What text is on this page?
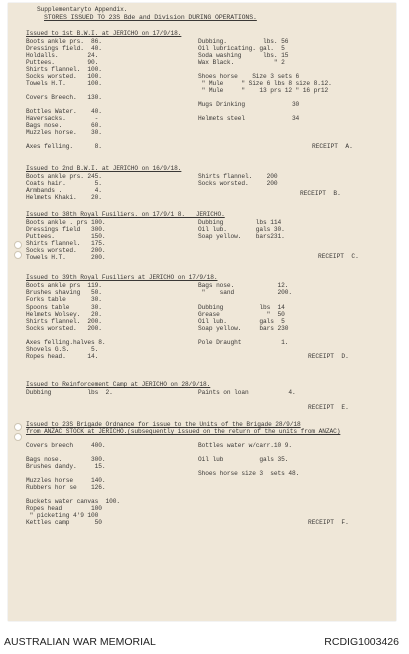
Supplementaryto Appendix.
STORES ISSUED TO 23S Bde and Division DURING OPERATIONS.
Issued to 1st B.W.I. at JERICHO on 17/9/18.
Boots ankle prs.  86.
Dressings field.  40.
Holdalls.        24.
Puttees.         90.
Shirts flannel.  100.
Socks worsted.   100.
Towels H.T.      100.
Covers Breech.   130.
Bottles Water.    40.
Haversacks.        -
Bags nose.        60.
Muzzles horse.    30.
Axes felling.      8.
Dubbing.          lbs. 56
Oil lubricating. gal.  5
Soda washing      lbs. 15
Wax Black.           " 2
Shoes horse    Size 3 sets 6
" Mule     " Size 6 lbs 8 size 8.12.
" Mule     "    13 prs 12 " 16 pr12
Mugs Drinking             30
Helmets steel             34
RECEIPT  A.
Issued to 2nd B.W.I. at JERICHO on 16/9/18.
Boots ankle prs. 245.
Coats hair.        5.
Armbands .         4.
Helmets Khaki.    20.
Shirts flannel.    200
Socks worsted.     200
RECEIPT  B.
Issued to 38th Royal Fusiliers. on 17/9/1 8.   JERICHO.
Boots ankle . prs 100.
Dressings field   300.
Puttees.          150.
Shirts flannel.   175.
Socks worsted.    200.
Towels H.T.       200.
Dubbing         lbs 114
Oil lub.        gals 30.
Soap yellow.    bars231.
RECEIPT  C.
Issued to 39th Royal Fusiliers at JERICHO on 17/9/18.
Boots ankle prs  119.
Brushes shaving   50.
Forks table       30.
Spoons table      30.
Helmets Wolsey.   20.
Shirts flannel.  200.
Socks worsted.   200.
Axes felling.halves 8.
Shovels G.S.      5.
Ropes head.      14.
Bags nose.            12.
"    sand            200.
Dubbing          lbs  14
Grease             "  50
Oil lub.         gals  5
Soap yellow.     bars 230
Pole Draught           1.
RECEIPT  D.
Issued to Reinforcement Camp at JERICHO on 28/9/18.
Dubbing          lbs  2.	Paints on loan           4.
RECEIPT  E.
Issued to 23S Brigade Ordnance for issue to the Units of the Brigade 28/9/18
from ANZAC STOCK at JERICHO.(subsequently issued on the return of the units from ANZAC)
Covers breech     400.
Bags nose.        300.
Brushes dandy.     15.
Muzzles horse     140.
Rubbers hor se    126.
Buckets water canvas  100.
Ropes head        100
" picketing 4'9 100
Kettles camp       50
Bottles water w/carr.10 9.
Oil lub          gals 35.
Shoes horse size 3  sets 48.
RECEIPT  F.
AUSTRALIAN WAR MEMORIAL	RCDIG1003426
